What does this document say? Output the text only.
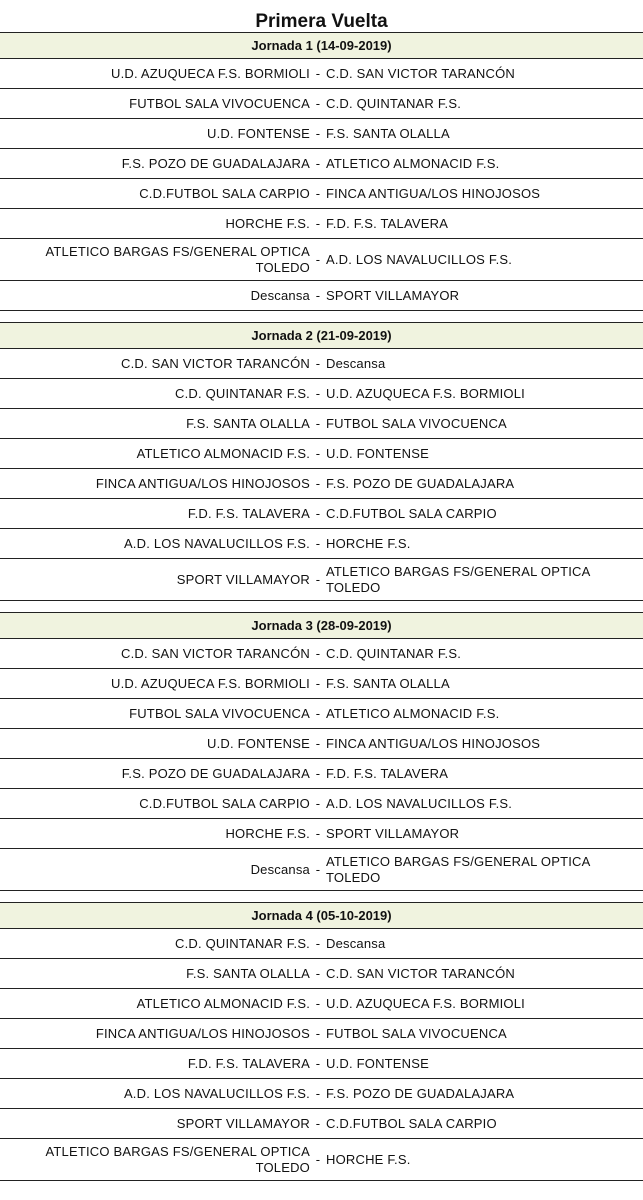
Primera Vuelta
Jornada 1 (14-09-2019)
U.D. AZUQUECA F.S. BORMIOLI - C.D. SAN VICTOR TARANCÓN
FUTBOL SALA VIVOCUENCA - C.D. QUINTANAR F.S.
U.D. FONTENSE - F.S. SANTA OLALLA
F.S. POZO DE GUADALAJARA - ATLETICO ALMONACID F.S.
C.D.FUTBOL SALA CARPIO - FINCA ANTIGUA/LOS HINOJOSOS
HORCHE F.S. - F.D. F.S. TALAVERA
ATLETICO BARGAS FS/GENERAL OPTICA TOLEDO - A.D. LOS NAVALUCILLOS F.S.
Descansa - SPORT VILLAMAYOR
Jornada 2 (21-09-2019)
C.D. SAN VICTOR TARANCÓN - Descansa
C.D. QUINTANAR F.S. - U.D. AZUQUECA F.S. BORMIOLI
F.S. SANTA OLALLA - FUTBOL SALA VIVOCUENCA
ATLETICO ALMONACID F.S. - U.D. FONTENSE
FINCA ANTIGUA/LOS HINOJOSOS - F.S. POZO DE GUADALAJARA
F.D. F.S. TALAVERA - C.D.FUTBOL SALA CARPIO
A.D. LOS NAVALUCILLOS F.S. - HORCHE F.S.
SPORT VILLAMAYOR -
ATLETICO BARGAS FS/GENERAL OPTICA TOLEDO
Jornada 3 (28-09-2019)
C.D. SAN VICTOR TARANCÓN - C.D. QUINTANAR F.S.
U.D. AZUQUECA F.S. BORMIOLI - F.S. SANTA OLALLA
FUTBOL SALA VIVOCUENCA - ATLETICO ALMONACID F.S.
U.D. FONTENSE - FINCA ANTIGUA/LOS HINOJOSOS
F.S. POZO DE GUADALAJARA - F.D. F.S. TALAVERA
C.D.FUTBOL SALA CARPIO - A.D. LOS NAVALUCILLOS F.S.
HORCHE F.S. - SPORT VILLAMAYOR
Descansa -
ATLETICO BARGAS FS/GENERAL OPTICA TOLEDO
Jornada 4 (05-10-2019)
C.D. QUINTANAR F.S. - Descansa
F.S. SANTA OLALLA - C.D. SAN VICTOR TARANCÓN
ATLETICO ALMONACID F.S. - U.D. AZUQUECA F.S. BORMIOLI
FINCA ANTIGUA/LOS HINOJOSOS - FUTBOL SALA VIVOCUENCA
F.D. F.S. TALAVERA - U.D. FONTENSE
A.D. LOS NAVALUCILLOS F.S. - F.S. POZO DE GUADALAJARA
SPORT VILLAMAYOR - C.D.FUTBOL SALA CARPIO
ATLETICO BARGAS FS/GENERAL OPTICA TOLEDO - HORCHE F.S.
